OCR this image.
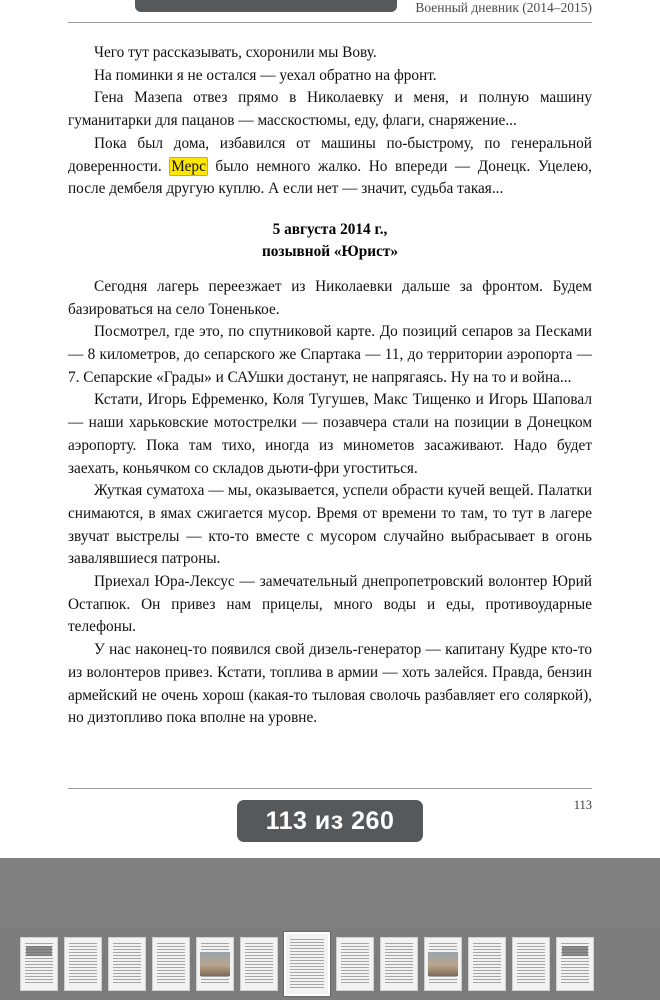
Военный дневник (2014–2015)

Чего тут рассказывать, схоронили мы Вову.

На поминки я не остался — уехал обратно на фронт.

Гена Мазепа отвез прямо в Николаевку и меня, и полную машину гуманитарки для пацанов — масскостюмы, еду, флаги, снаряжение...

Пока был дома, избавился от машины по-быстрому, по генеральной доверенности. Мерс было немного жалко. Но впереди — Донецк. Уцелею, после дембеля другую куплю. А если нет — значит, судьба такая...

5 августа 2014 г.,
позывной «Юрист»

Сегодня лагерь переезжает из Николаевки дальше за фронтом. Будем базироваться на село Тоненькое.

Посмотрел, где это, по спутниковой карте. До позиций сепаров за Песками — 8 километров, до сепарского же Спартака — 11, до территории аэропорта — 7. Сепарские «Грады» и САУшки достанут, не напрягаясь. Ну на то и война...

Кстати, Игорь Ефременко, Коля Тугушев, Макс Тищенко и Игорь Шаповал — наши харьковские мотострелки — позавчера стали на позиции в Донецком аэропорту. Пока там тихо, иногда из минометов засаживают. Надо будет заехать, коньячком со складов дьюти-фри угоститься.

Жуткая суматоха — мы, оказывается, успели обрасти кучей вещей. Палатки снимаются, в ямах сжигается мусор. Время от времени то там, то тут в лагере звучат выстрелы — кто-то вместе с мусором случайно выбрасывает в огонь завалявшиеся патроны.

Приехал Юра-Лексус — замечательный днепропетровский волонтер Юрий Остапюк. Он привез нам прицелы, много воды и еды, противоударные телефоны.

У нас наконец-то появился свой дизель-генератор — капитану Кудре кто-то из волонтеров привез. Кстати, топлива в армии — хоть залейся. Правда, бензин армейский не очень хорош (какая-то тыловая сволочь разбавляет его соляркой), но дизтопливо пока вполне на уровне.

113
113 из 260
